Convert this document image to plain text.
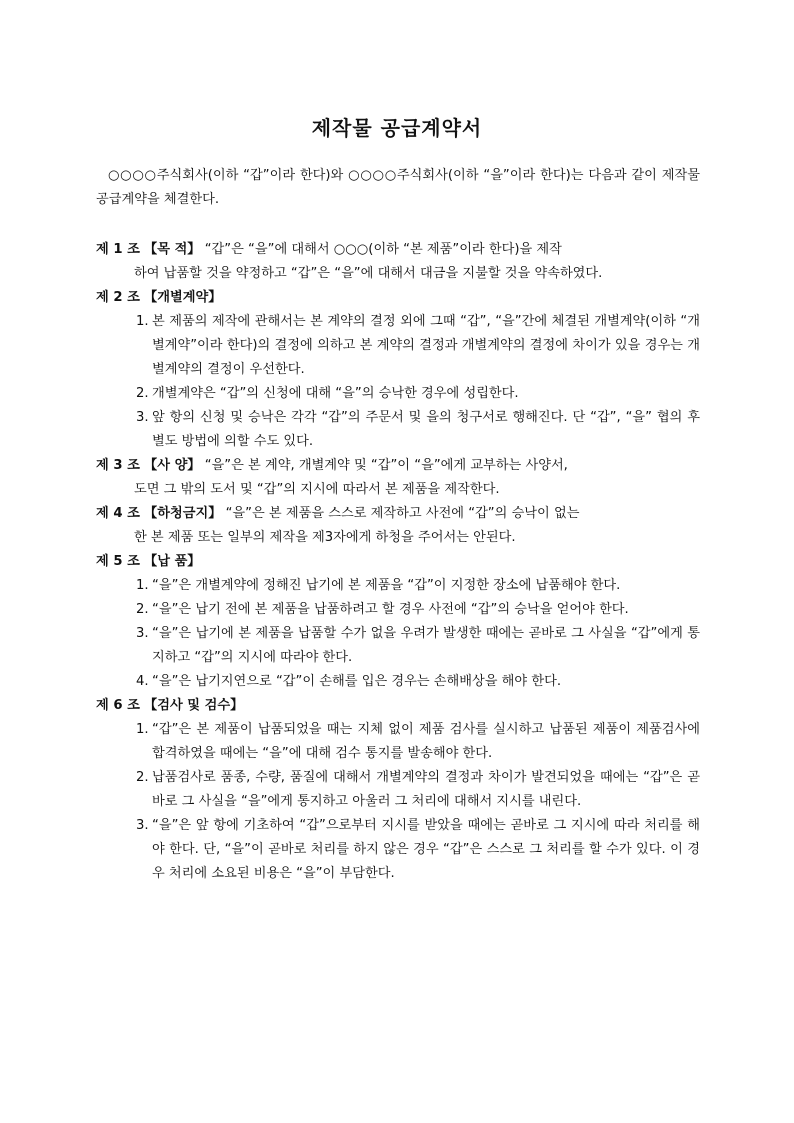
제작물 공급계약서
○○○○주식회사(이하 “갑”이라 한다)와 ○○○○주식회사(이하 “을”이라 한다)는 다음과 같이 제작물공급계약을 체결한다.
제 1 조 【목 적】 “갑”은 “을”에 대해서 ○○○(이하 “본 제품”이라 한다)을 제작
하여 납품할 것을 약정하고 “갑”은 “을”에 대해서 대금을 지불할 것을 약속하였다.
제 2 조 【개별계약】
1. 본 제품의 제작에 관해서는 본 계약의 결정 외에 그때 “갑”, “을”간에 체결된 개별계약(이하 “개별계약”이라 한다)의 결정에 의하고 본 계약의 결정과 개별계약의 결정에 차이가 있을 경우는 개별계약의 결정이 우선한다.
2. 개별계약은 “갑”의 신청에 대해 “을”의 승낙한 경우에 성립한다.
3. 앞 항의 신청 및 승낙은 각각 “갑”의 주문서 및 을의 청구서로 행해진다. 단 “갑”, “을” 협의 후 별도 방법에 의할 수도 있다.
제 3 조 【사 양】 “을”은 본 계약, 개별계약 및 “갑”이 “을”에게 교부하는 사양서,
도면 그 밖의 도서 및 “갑”의 지시에 따라서 본 제품을 제작한다.
제 4 조 【하청금지】 “을”은 본 제품을 스스로 제작하고 사전에 “갑”의 승낙이 없는
한 본 제품 또는 일부의 제작을 제3자에게 하청을 주어서는 안된다.
제 5 조 【납 품】
1. “을”은 개별계약에 정해진 납기에 본 제품을 “갑”이 지정한 장소에 납품해야 한다.
2. “을”은 납기 전에 본 제품을 납품하려고 할 경우 사전에 “갑”의 승낙을 얻어야 한다.
3. “을”은 납기에 본 제품을 납품할 수가 없을 우려가 발생한 때에는 곧바로 그 사실을 “갑”에게 통지하고 “갑”의 지시에 따라야 한다.
4. “을”은 납기지연으로 “갑”이 손해를 입은 경우는 손해배상을 해야 한다.
제 6 조 【검사 및 검수】
1. “갑”은 본 제품이 납품되었을 때는 지체 없이 제품 검사를 실시하고 납품된 제품이 제품검사에 합격하였을 때에는 “을”에 대해 검수 통지를 발송해야 한다.
2. 납품검사로 품종, 수량, 품질에 대해서 개별계약의 결정과 차이가 발견되었을 때에는 “갑”은 곧바로 그 사실을 “을”에게 통지하고 아울러 그 처리에 대해서 지시를 내린다.
3. “을”은 앞 항에 기초하여 “갑”으로부터 지시를 받았을 때에는 곧바로 그 지시에 따라 처리를 해야 한다. 단, “을”이 곧바로 처리를 하지 않은 경우 “갑”은 스스로 그 처리를 할 수가 있다. 이 경우 처리에 소요된 비용은 “을”이 부담한다.
